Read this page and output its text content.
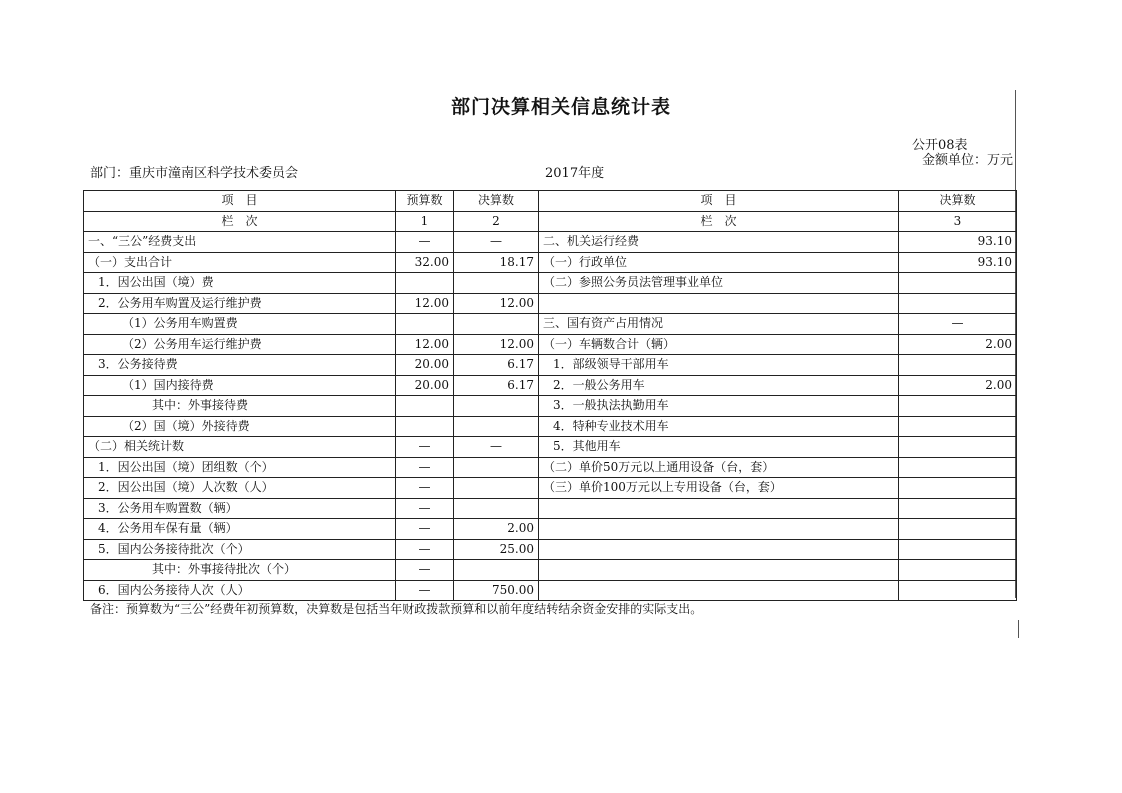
部门决算相关信息统计表
公开08表
金额单位：万元
部门：重庆市潼南区科学技术委员会	2017年度
项　目	预算数	决算数	项　目	决算数
栏　次	1	2	栏　次	3
一、“三公”经费支出	—	—	二、机关运行经费	93.10
（一）支出合计	32.00	18.17	（一）行政单位	93.10
1．因公出国（境）费			（二）参照公务员法管理事业单位	
2．公务用车购置及运行维护费	12.00	12.00		
（1）公务用车购置费			三、国有资产占用情况	—
（2）公务用车运行维护费	12.00	12.00	（一）车辆数合计（辆）	2.00
3．公务接待费	20.00	6.17	1．部级领导干部用车	
（1）国内接待费	20.00	6.17	2．一般公务用车	2.00
其中：外事接待费			3．一般执法执勤用车	
（2）国（境）外接待费			4．特种专业技术用车	
（二）相关统计数	—	—	5．其他用车	
1．因公出国（境）团组数（个）	—		（二）单价50万元以上通用设备（台，套）	
2．因公出国（境）人次数（人）	—		（三）单价100万元以上专用设备（台，套）	
3．公务用车购置数（辆）	—			
4．公务用车保有量（辆）	—	2.00		
5．国内公务接待批次（个）	—	25.00		
其中：外事接待批次（个）	—			
6．国内公务接待人次（人）	—	750.00		
备注：预算数为“三公”经费年初预算数，决算数是包括当年财政拨款预算和以前年度结转结余资金安排的实际支出。
